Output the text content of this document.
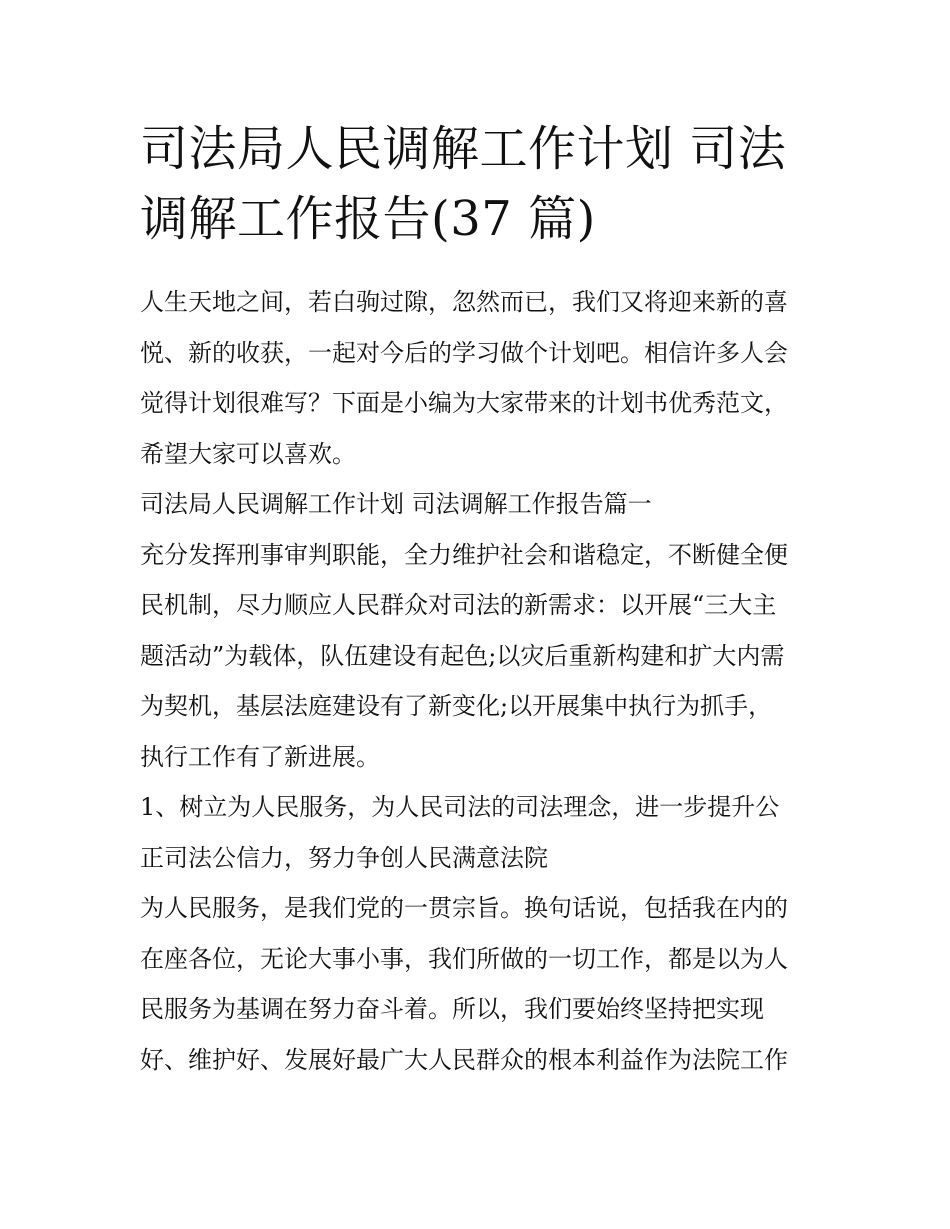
司法局人民调解工作计划 司法
调解工作报告(37 篇)
人生天地之间，若白驹过隙，忽然而已，我们又将迎来新的喜
悦、新的收获，一起对今后的学习做个计划吧。相信许多人会
觉得计划很难写？下面是小编为大家带来的计划书优秀范文，
希望大家可以喜欢。
司法局人民调解工作计划 司法调解工作报告篇一
充分发挥刑事审判职能，全力维护社会和谐稳定，不断健全便
民机制，尽力顺应人民群众对司法的新需求：以开展“三大主
题活动”为载体，队伍建设有起色;以灾后重新构建和扩大内需
为契机，基层法庭建设有了新变化;以开展集中执行为抓手，
执行工作有了新进展。
1、树立为人民服务，为人民司法的司法理念，进一步提升公
正司法公信力，努力争创人民满意法院
为人民服务，是我们党的一贯宗旨。换句话说，包括我在内的
在座各位，无论大事小事，我们所做的一切工作，都是以为人
民服务为基调在努力奋斗着。所以，我们要始终坚持把实现
好、维护好、发展好最广大人民群众的根本利益作为法院工作
